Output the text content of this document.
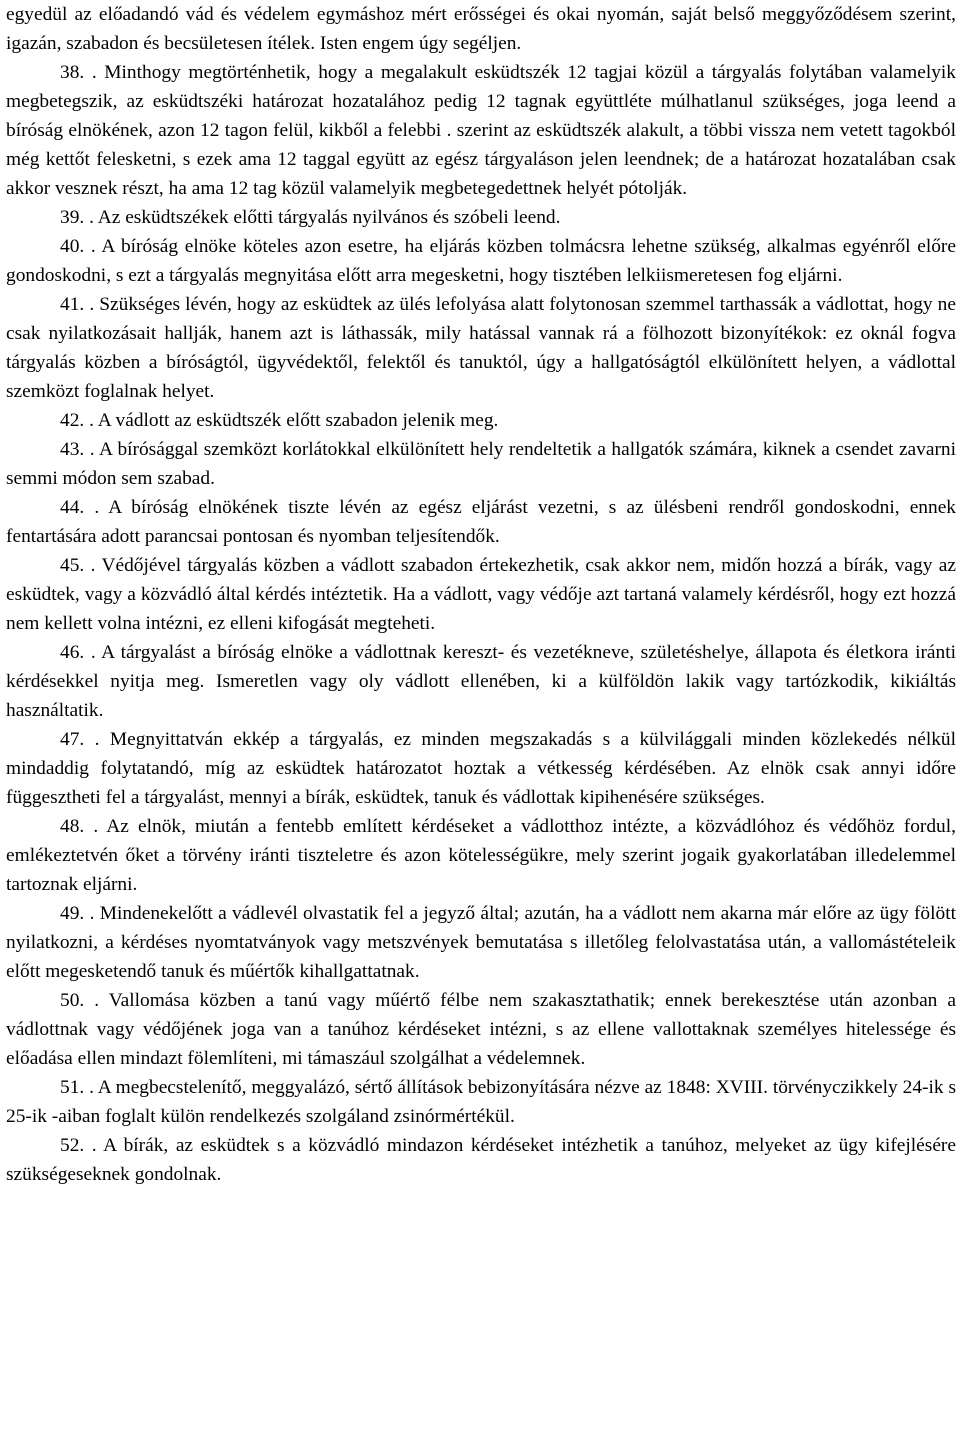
egyedül az előadandó vád és védelem egymáshoz mért erősségei és okai nyomán, saját belső meggyőződésem szerint, igazán, szabadon és becsületesen ítélek. Isten engem úgy segéljen.

38. . Minthogy megtörténhetik, hogy a megalakult esküdtszék 12 tagjai közül a tárgyalás folytában valamelyik megbetegszik, az esküdtszéki határozat hozatalához pedig 12 tagnak együttléte múlhatlanul szükséges, joga leend a bíróság elnökének, azon 12 tagon felül, kikből a felebbi . szerint az esküdtszék alakult, a többi vissza nem vetett tagokból még kettőt felesketni, s ezek ama 12 taggal együtt az egész tárgyaláson jelen leendnek; de a határozat hozatalában csak akkor vesznek részt, ha ama 12 tag közül valamelyik megbetegedettnek helyét pótolják.

39. . Az esküdtszékek előtti tárgyalás nyilvános és szóbeli leend.

40. . A bíróság elnöke köteles azon esetre, ha eljárás közben tolmácsra lehetne szükség, alkalmas egyénről előre gondoskodni, s ezt a tárgyalás megnyitása előtt arra megesketni, hogy tisztében lelkiismeretesen fog eljárni.

41. . Szükséges lévén, hogy az esküdtek az ülés lefolyása alatt folytonosan szemmel tarthassák a vádlottat, hogy ne csak nyilatkozásait hallják, hanem azt is láthassák, mily hatással vannak rá a fölhozott bizonyítékok: ez oknál fogva tárgyalás közben a bíróságtól, ügyvédektől, felektől és tanuktól, úgy a hallgatóságtól elkülönített helyen, a vádlottal szemközt foglalnak helyet.

42. . A vádlott az esküdtszék előtt szabadon jelenik meg.

43. . A bírósággal szemközt korlátokkal elkülönített hely rendeltetik a hallgatók számára, kiknek a csendet zavarni semmi módon sem szabad.

44. . A bíróság elnökének tiszte lévén az egész eljárást vezetni, s az ülésbeni rendről gondoskodni, ennek fentartására adott parancsai pontosan és nyomban teljesítendők.

45. . Védőjével tárgyalás közben a vádlott szabadon értekezhetik, csak akkor nem, midőn hozzá a bírák, vagy az esküdtek, vagy a közvádló által kérdés intéztetik. Ha a vádlott, vagy védője azt tartaná valamely kérdésről, hogy ezt hozzá nem kellett volna intézni, ez elleni kifogását megteheti.

46. . A tárgyalást a bíróság elnöke a vádlottnak kereszt- és vezetékneve, születéshelye, állapota és életkora iránti kérdésekkel nyitja meg. Ismeretlen vagy oly vádlott ellenében, ki a külföldön lakik vagy tartózkodik, kikiáltás használtatik.

47. . Megnyittatván ekkép a tárgyalás, ez minden megszakadás s a külvilággali minden közlekedés nélkül mindaddig folytatandó, míg az esküdtek határozatot hoztak a vétkesség kérdésében. Az elnök csak annyi időre függesztheti fel a tárgyalást, mennyi a bírák, esküdtek, tanuk és vádlottak kipihenésére szükséges.

48. . Az elnök, miután a fentebb említett kérdéseket a vádlotthoz intézte, a közvádlóhoz és védőhöz fordul, emlékeztetvén őket a törvény iránti tiszteletre és azon kötelességükre, mely szerint jogaik gyakorlatában illedelemmel tartoznak eljárni.

49. . Mindenekelőtt a vádlevél olvastatik fel a jegyző által; azután, ha a vádlott nem akarna már előre az ügy fölött nyilatkozni, a kérdéses nyomtatványok vagy metszvények bemutatása s illetőleg felolvastatása után, a vallomástételeik előtt megesketendő tanuk és műértők kihallgattatnak.

50. . Vallomása közben a tanú vagy műértő félbe nem szakasztathatik; ennek berekesztése után azonban a vádlottnak vagy védőjének joga van a tanúhoz kérdéseket intézni, s az ellene vallottaknak személyes hitelessége és előadása ellen mindazt fölemlíteni, mi támaszául szolgálhat a védelemnek.

51. . A megbecstelenítő, meggyalázó, sértő állítások bebizonyítására nézve az 1848: XVIII. törvényczikkely 24-ik s 25-ik -aiban foglalt külön rendelkezés szolgáland zsinórmértékül.

52. . A bírák, az esküdtek s a közvádló mindazon kérdéseket intézhetik a tanúhoz, melyeket az ügy kifejlésére szükségeseknek gondolnak.
